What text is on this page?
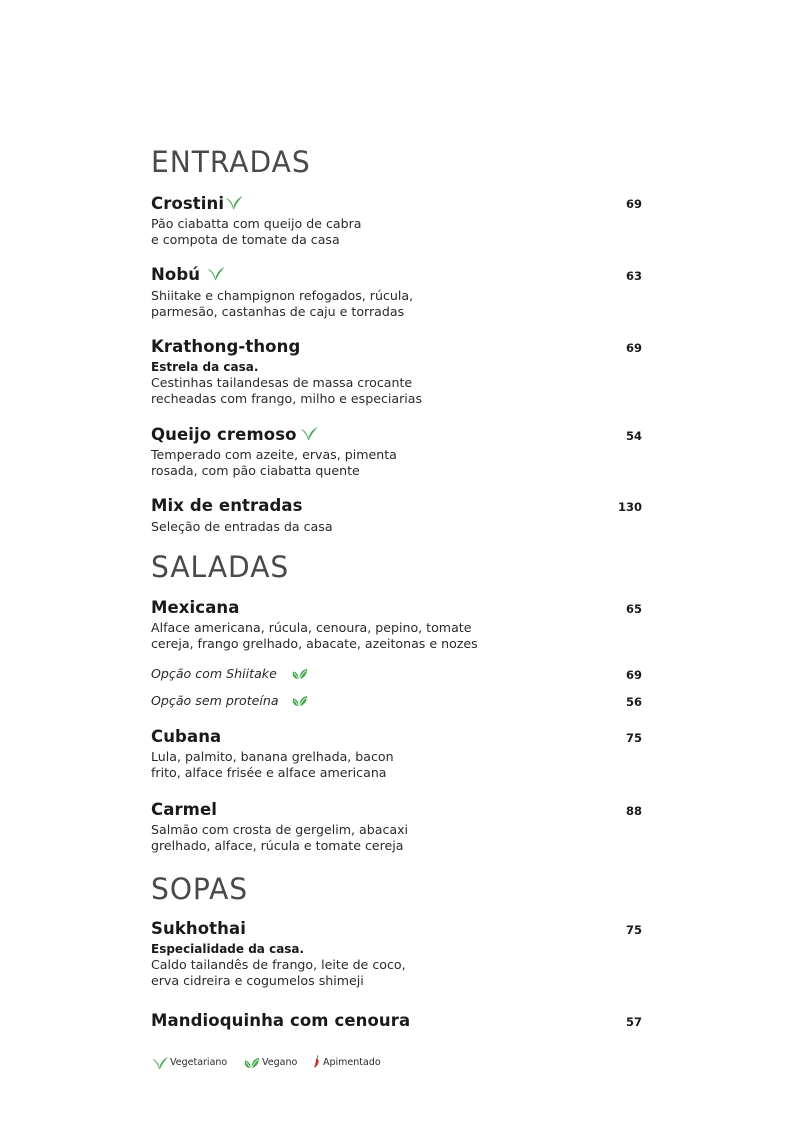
ENTRADAS
Crostini	69
Pão ciabatta com queijo de cabra
e compota de tomate da casa
Nobú	63
Shiitake e champignon refogados, rúcula,
parmesão, castanhas de caju e torradas
Krathong-thong	69
Estrela da casa.
Cestinhas tailandesas de massa crocante
recheadas com frango, milho e especiarias
Queijo cremoso	54
Temperado com azeite, ervas, pimenta
rosada, com pão ciabatta quente
Mix de entradas	130
Seleção de entradas da casa
SALADAS
Mexicana	65
Alface americana, rúcula, cenoura, pepino, tomate
cereja, frango grelhado, abacate, azeitonas e nozes
Opção com Shiitake	69
Opção sem proteína	56
Cubana	75
Lula, palmito, banana grelhada, bacon
frito, alface frisée e alface americana
Carmel	88
Salmão com crosta de gergelim, abacaxi
grelhado, alface, rúcula e tomate cereja
SOPAS
Sukhothai	75
Especialidade da casa.
Caldo tailandês de frango, leite de coco,
erva cidreira e cogumelos shimeji
Mandioquinha com cenoura	57
Vegetariano	Vegano	Apimentado
